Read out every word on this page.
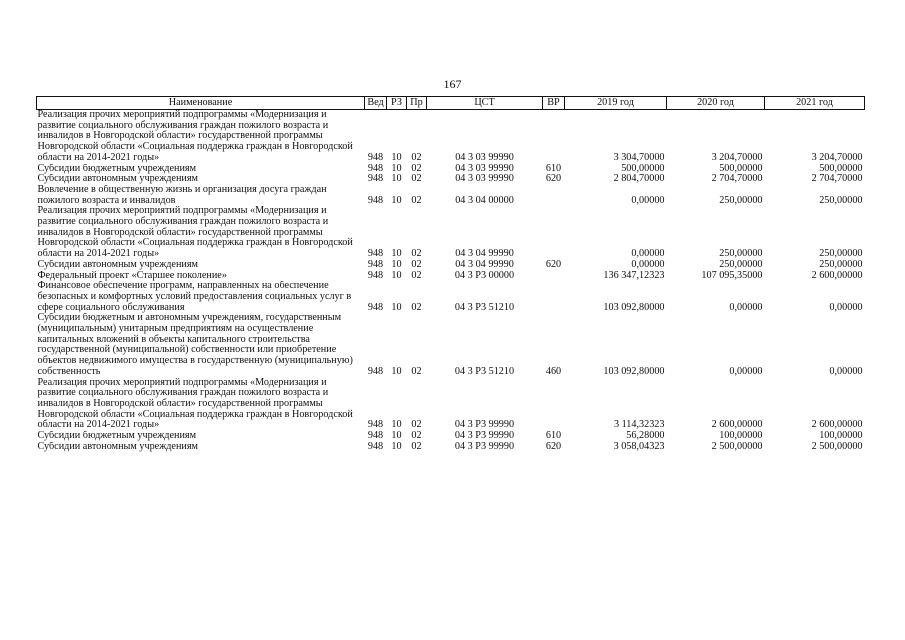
167
Наименование	Вед	РЗ	Пр	ЦСТ	ВР	2019 год	2020 год	2021 год
Реализация прочих мероприятий подпрограммы «Модернизация и развитие социального обслуживания граждан пожилого возраста и инвалидов в Новгородской области» государственной программы Новгородской области «Социальная поддержка граждан в Новгородской области на 2014-2021 годы»	948	10	02	04 3 03 99990		3 304,70000	3 204,70000	3 204,70000
Субсидии бюджетным учреждениям	948	10	02	04 3 03 99990	610	500,00000	500,00000	500,00000
Субсидии автономным учреждениям	948	10	02	04 3 03 99990	620	2 804,70000	2 704,70000	2 704,70000
Вовлечение в общественную жизнь и организация досуга граждан пожилого возраста и инвалидов	948	10	02	04 3 04 00000		0,00000	250,00000	250,00000
Реализация прочих мероприятий подпрограммы «Модернизация и развитие социального обслуживания граждан пожилого возраста и инвалидов в Новгородской области» государственной программы Новгородской области «Социальная поддержка граждан в Новгородской области на 2014-2021 годы»	948	10	02	04 3 04 99990		0,00000	250,00000	250,00000
Субсидии автономным учреждениям	948	10	02	04 3 04 99990	620	0,00000	250,00000	250,00000
Федеральный проект «Старшее поколение»	948	10	02	04 3 P3 00000		136 347,12323	107 095,35000	2 600,00000
Финансовое обеспечение программ, направленных на обеспечение безопасных и комфортных условий предоставления социальных услуг в сфере социального обслуживания	948	10	02	04 3 P3 51210		103 092,80000	0,00000	0,00000
Субсидии бюджетным и автономным учреждениям, государственным (муниципальным) унитарным предприятиям на осуществление капитальных вложений в объекты капитального строительства государственной (муниципальной) собственности или приобретение объектов недвижимого имущества в государственную (муниципальную) собственность	948	10	02	04 3 P3 51210	460	103 092,80000	0,00000	0,00000
Реализация прочих мероприятий подпрограммы «Модернизация и развитие социального обслуживания граждан пожилого возраста и инвалидов в Новгородской области» государственной программы Новгородской области «Социальная поддержка граждан в Новгородской области на 2014-2021 годы»	948	10	02	04 3 P3 99990		3 114,32323	2 600,00000	2 600,00000
Субсидии бюджетным учреждениям	948	10	02	04 3 P3 99990	610	56,28000	100,00000	100,00000
Субсидии автономным учреждениям	948	10	02	04 3 P3 99990	620	3 058,04323	2 500,00000	2 500,00000
